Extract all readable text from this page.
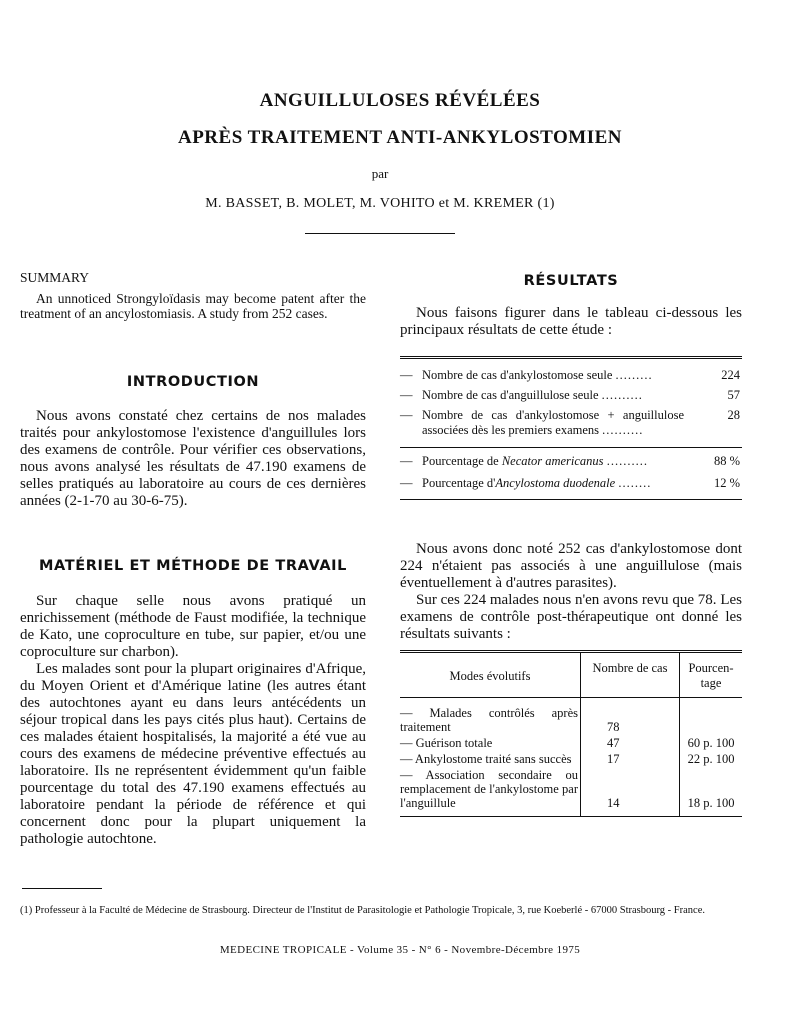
ANGUILLULOSES RÉVÉLÉES
APRÈS TRAITEMENT ANTI-ANKYLOSTOMIEN
par
M. BASSET, B. MOLET, M. VOHITO et M. KREMER (1)
SUMMARY
An unnoticed Strongyloïdasis may become patent after the treatment of an ancylostomiasis. A study from 252 cases.
INTRODUCTION

Nous avons constaté chez certains de nos malades traités pour ankylostomose l'existence d'anguillules lors des examens de contrôle. Pour vérifier ces observations, nous avons analysé les résultats de 47.190 examens de selles pratiqués au laboratoire au cours de ces dernières années (2-1-70 au 30-6-75).

MATÉRIEL ET MÉTHODE DE TRAVAIL

Sur chaque selle nous avons pratiqué un enrichissement (méthode de Faust modifiée, la technique de Kato, une coproculture en tube, sur papier, et/ou une coproculture sur charbon).

Les malades sont pour la plupart originaires d'Afrique, du Moyen Orient et d'Amérique latine (les autres étant des autochtones ayant eu dans leurs antécédents un séjour tropical dans les pays cités plus haut). Certains de ces malades étaient hospitalisés, la majorité a été vue au cours des examens de médecine préventive effectués au laboratoire. Ils ne représentent évidemment qu'un faible pourcentage du total des 47.190 examens effectués au laboratoire pendant la période de référence et qui concernent donc pour la plupart uniquement la pathologie autochtone.

RÉSULTATS

Nous faisons figurer dans le tableau ci-dessous les principaux résultats de cette étude :

— Nombre de cas d'ankylostomose seule .........	224
— Nombre de cas d'anguillulose seule ..........	57
— Nombre de cas d'ankylostomose + anguillulose associées dès les premiers examens ..........
28
— Pourcentage de Necator americanus ..........	88 %
— Pourcentage d'Ancylostoma duodenale ........	12 %

Nous avons donc noté 252 cas d'ankylostomose dont 224 n'étaient pas associés à une anguillulose (mais éventuellement à d'autres parasites).

Sur ces 224 malades nous n'en avons revu que 78. Les examens de contrôle post-thérapeutique ont donné les résultats suivants :

Modes évolutifs	Nombre de cas	Pourcen-tage
— Malades contrôlés après traitement	78	
— Guérison totale	47	60 p. 100
— Ankylostome traité sans succès	17	22 p. 100
— Association secondaire ou remplacement de l'ankylostome par l'anguillule	14	18 p. 100
(1) Professeur à la Faculté de Médecine de Strasbourg. Directeur de l'Institut de Parasitologie et Pathologie Tropicale, 3, rue Koeberlé - 67000 Strasbourg - France.
MEDECINE TROPICALE - Volume 35 - N° 6 - Novembre-Décembre 1975
